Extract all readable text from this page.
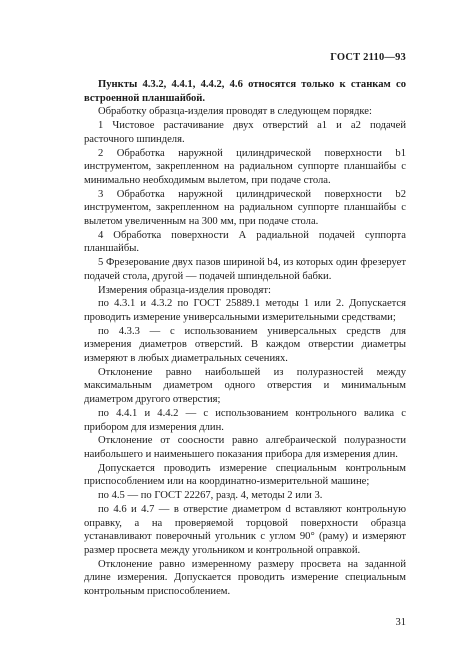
ГОСТ 2110—93

Пункты 4.3.2, 4.4.1, 4.4.2, 4.6 относятся только к станкам со встроенной планшайбой.

Обработку образца-изделия проводят в следующем порядке:

1 Чистовое растачивание двух отверстий a1 и a2 подачей расточного шпинделя.

2 Обработка наружной цилиндрической поверхности b1 инструментом, закрепленном на радиальном суппорте планшайбы с минимально необходимым вылетом, при подаче стола.

3 Обработка наружной цилиндрической поверхности b2 инструментом, закрепленном на радиальном суппорте планшайбы с вылетом увеличенным на 300 мм, при подаче стола.

4 Обработка поверхности А радиальной подачей суппорта планшайбы.

5 Фрезерование двух пазов шириной b4, из которых один фрезерует подачей стола, другой — подачей шпиндельной бабки.

Измерения образца-изделия проводят:

по 4.3.1 и 4.3.2 по ГОСТ 25889.1 методы 1 или 2. Допускается проводить измерение универсальными измерительными средствами;

по 4.3.3 — с использованием универсальных средств для измерения диаметров отверстий. В каждом отверстии диаметры измеряют в любых диаметральных сечениях.

Отклонение равно наибольшей из полуразностей между максимальным диаметром одного отверстия и минимальным диаметром другого отверстия;

по 4.4.1 и 4.4.2 — с использованием контрольного валика с прибором для измерения длин.

Отклонение от соосности равно алгебраической полуразности наибольшего и наименьшего показания прибора для измерения длин.

Допускается проводить измерение специальным контрольным приспособлением или на координатно-измерительной машине;

по 4.5 — по ГОСТ 22267, разд. 4, методы 2 или 3.

по 4.6 и 4.7 — в отверстие диаметром d вставляют контрольную оправку, а на проверяемой торцовой поверхности образца устанавливают поверочный угольник с углом 90° (раму) и измеряют размер просвета между угольником и контрольной оправкой.

Отклонение равно измеренному размеру просвета на заданной длине измерения. Допускается проводить измерение специальным контрольным приспособлением.

31
